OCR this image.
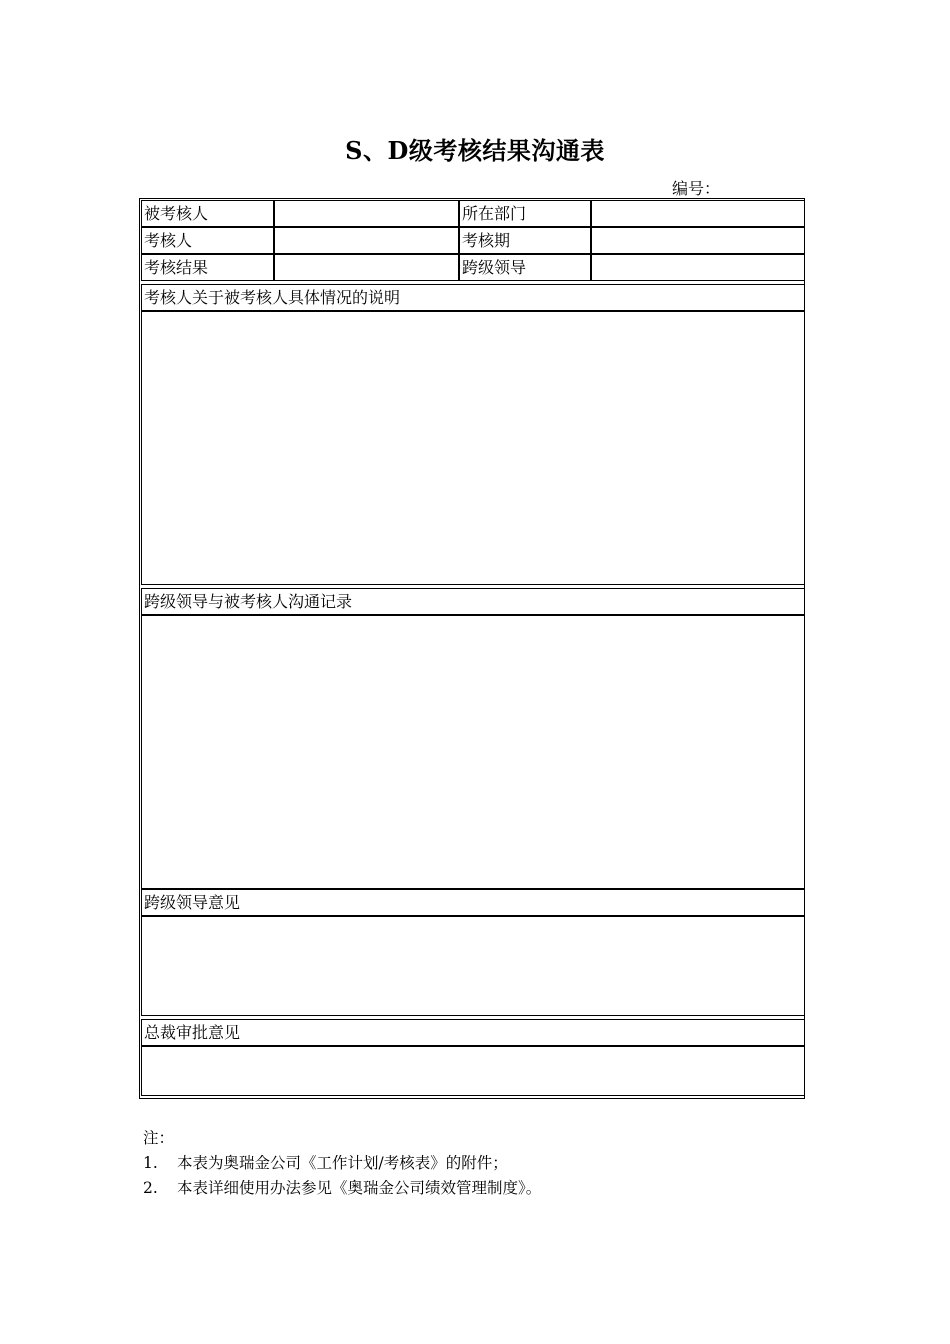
S、D级考核结果沟通表
编号：
被考核人		所在部门	
考核人		考核期	
考核结果		跨级领导	
考核人关于被考核人具体情况的说明

跨级领导与被考核人沟通记录

跨级领导意见

总裁审批意见

注：
1. 本表为奥瑞金公司《工作计划/考核表》的附件；
2. 本表详细使用办法参见《奥瑞金公司绩效管理制度》。
